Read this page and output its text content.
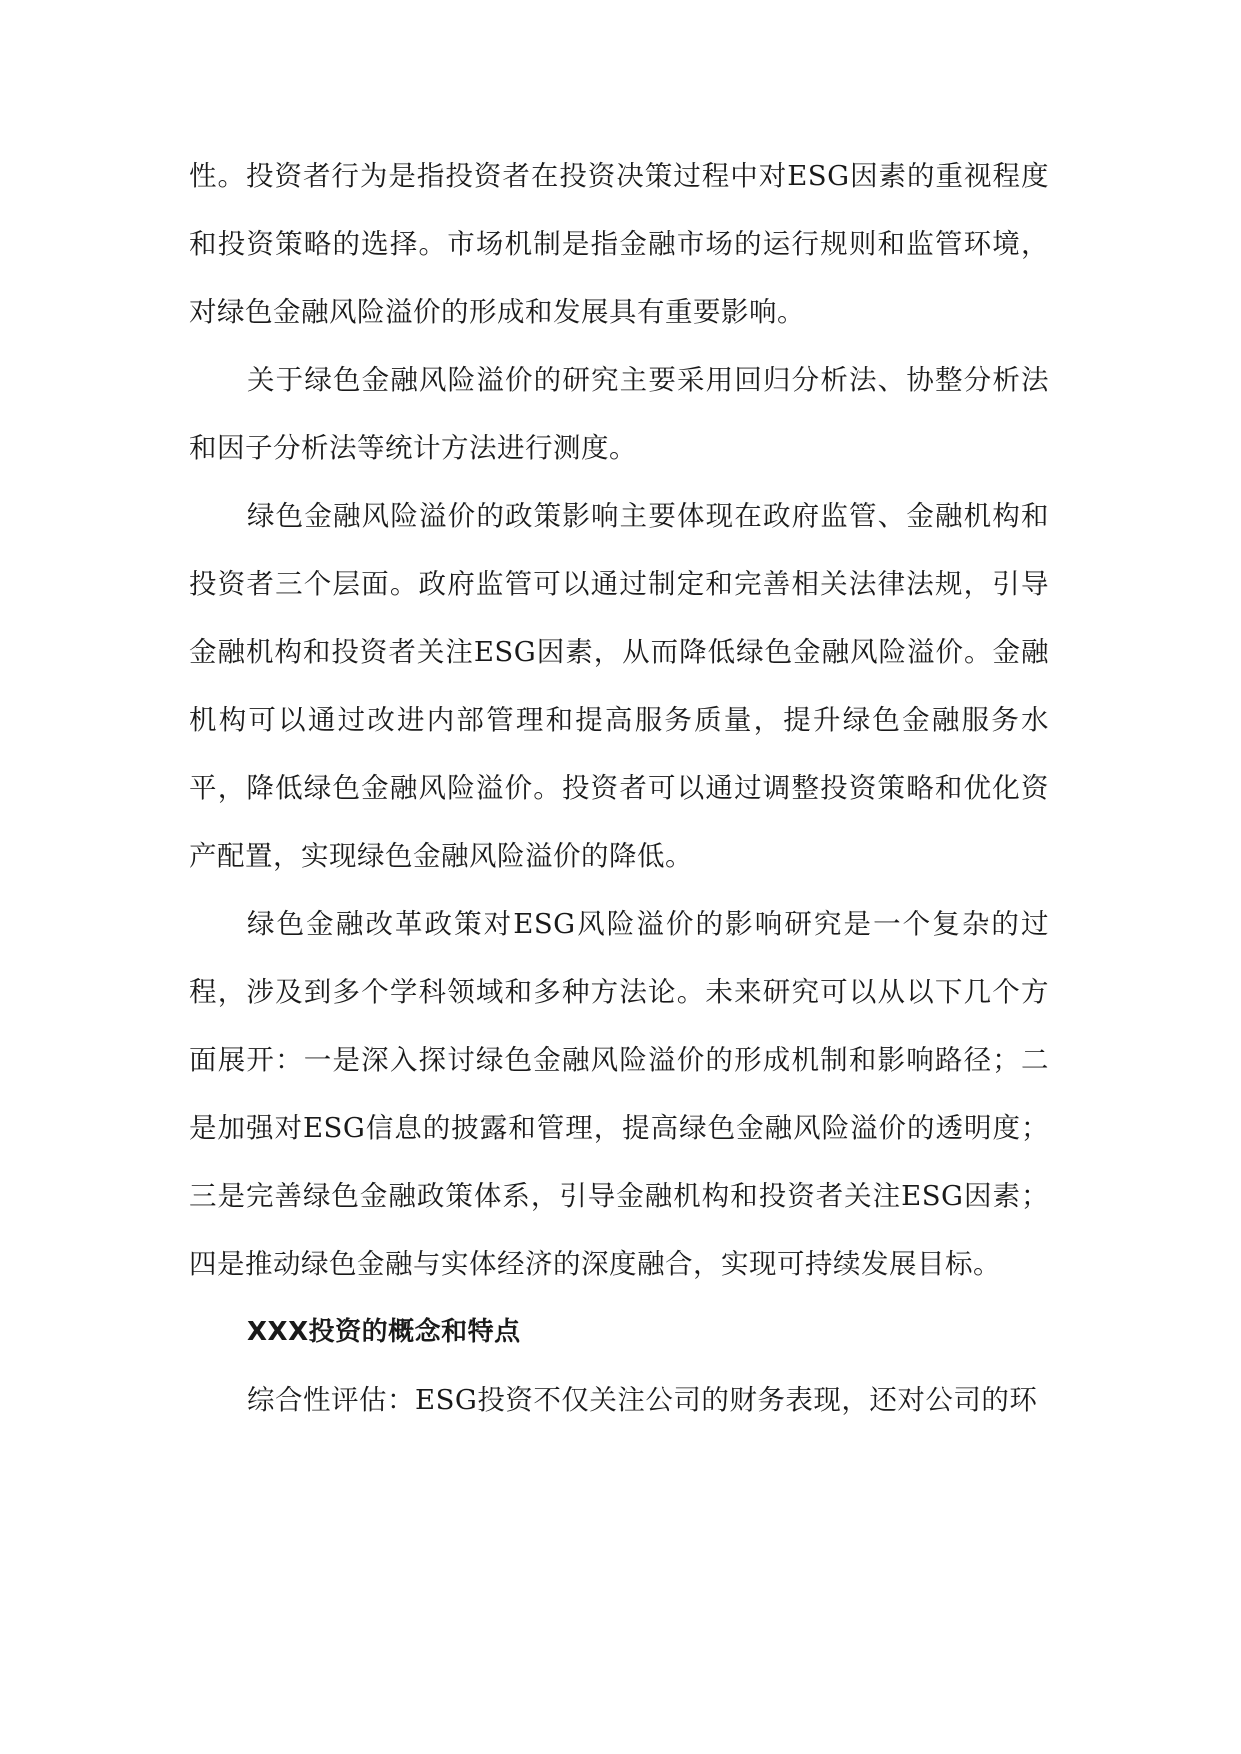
性。投资者行为是指投资者在投资决策过程中对ESG因素的重视程度和投资策略的选择。市场机制是指金融市场的运行规则和监管环境，对绿色金融风险溢价的形成和发展具有重要影响。

关于绿色金融风险溢价的研究主要采用回归分析法、协整分析法和因子分析法等统计方法进行测度。

绿色金融风险溢价的政策影响主要体现在政府监管、金融机构和投资者三个层面。政府监管可以通过制定和完善相关法律法规，引导金融机构和投资者关注ESG因素，从而降低绿色金融风险溢价。金融机构可以通过改进内部管理和提高服务质量，提升绿色金融服务水平，降低绿色金融风险溢价。投资者可以通过调整投资策略和优化资产配置，实现绿色金融风险溢价的降低。

绿色金融改革政策对ESG风险溢价的影响研究是一个复杂的过程，涉及到多个学科领域和多种方法论。未来研究可以从以下几个方面展开：一是深入探讨绿色金融风险溢价的形成机制和影响路径；二是加强对ESG信息的披露和管理，提高绿色金融风险溢价的透明度；三是完善绿色金融政策体系，引导金融机构和投资者关注ESG因素；四是推动绿色金融与实体经济的深度融合，实现可持续发展目标。

XXX投资的概念和特点

综合性评估：ESG投资不仅关注公司的财务表现，还对公司的环
